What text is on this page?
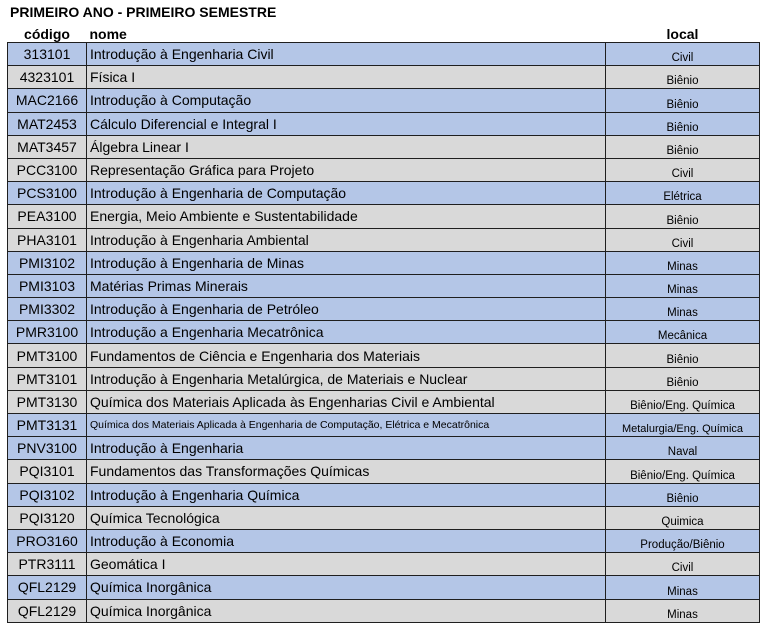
PRIMEIRO ANO - PRIMEIRO SEMESTRE
código	nome	local
313101	Introdução à Engenharia Civil	Civil
4323101	Física I	Biênio
MAC2166	Introdução à Computação	Biênio
MAT2453	Cálculo Diferencial e Integral I	Biênio
MAT3457	Álgebra Linear I	Biênio
PCC3100	Representação Gráfica para Projeto	Civil
PCS3100	Introdução à Engenharia de Computação	Elétrica
PEA3100	Energia, Meio Ambiente e Sustentabilidade	Biênio
PHA3101	Introdução à Engenharia Ambiental	Civil
PMI3102	Introdução à Engenharia de Minas	Minas
PMI3103	Matérias Primas Minerais	Minas
PMI3302	Introdução à Engenharia de Petróleo	Minas
PMR3100	Introdução a Engenharia Mecatrônica	Mecânica
PMT3100	Fundamentos de Ciência e Engenharia dos Materiais	Biênio
PMT3101	Introdução à Engenharia Metalúrgica, de Materiais e Nuclear	Biênio
PMT3130	Química dos Materiais Aplicada às Engenharias Civil e Ambiental	Biênio/Eng. Química
PMT3131	Química dos Materiais Aplicada à Engenharia de Computação, Elétrica e Mecatrônica	Metalurgia/Eng. Química
PNV3100	Introdução à Engenharia	Naval
PQI3101	Fundamentos das Transformações Químicas	Biênio/Eng. Química
PQI3102	Introdução à Engenharia Química	Biênio
PQI3120	Química Tecnológica	Quimica
PRO3160	Introdução à Economia	Produção/Biênio
PTR3111	Geomática I	Civil
QFL2129	Química Inorgânica	Minas
QFL2129	Química Inorgânica	Minas
